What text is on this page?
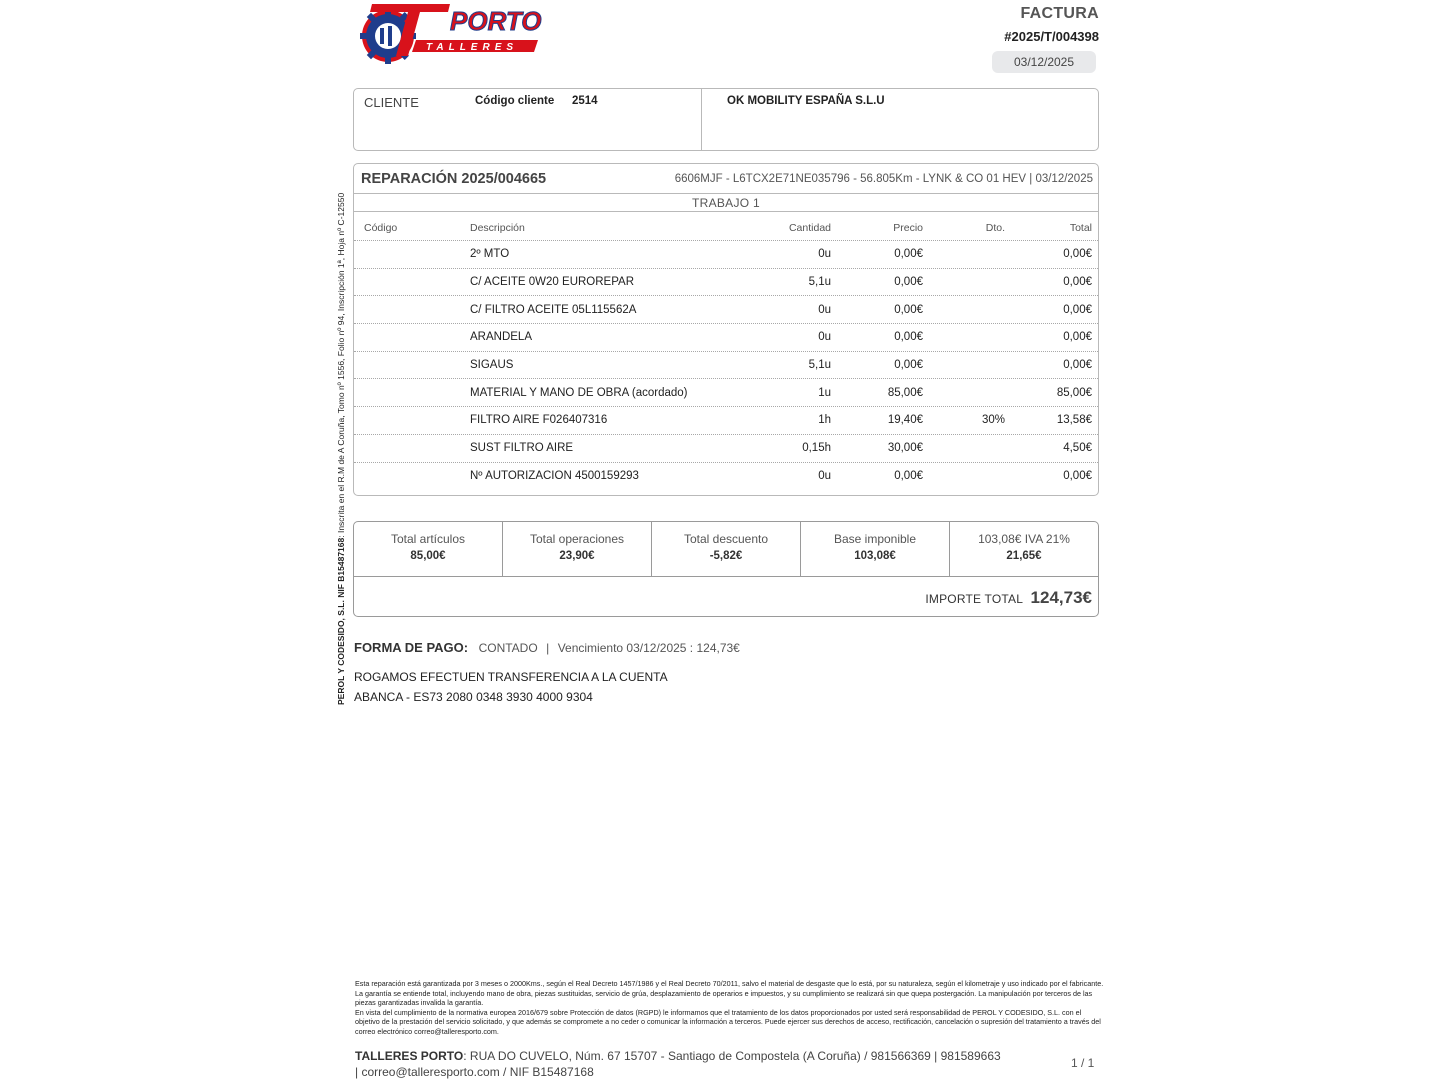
PORTO
TALLERES
FACTURA
#2025/T/004398
03/12/2025
CLIENTE	Código cliente 2514	OK MOBILITY ESPAÑA S.L.U
PEROL Y CODESIDO, S.L. NIF B15487168: Inscrita en el R.M de A Coruña, Tomo nº 1556, Folio nº 94, Inscripción 1ª, Hoja nº C-12550
REPARACIÓN 2025/004665	6606MJF - L6TCX2E71NE035796 - 56.805Km - LYNK & CO 01 HEV | 03/12/2025
TRABAJO 1
Código	Descripción	Cantidad	Precio	Dto.	Total
2º MTO	0u	0,00€	0,00€
C/ ACEITE 0W20 EUROREPAR	5,1u	0,00€	0,00€
C/ FILTRO ACEITE 05L115562A	0u	0,00€	0,00€
ARANDELA	0u	0,00€	0,00€
SIGAUS	5,1u	0,00€	0,00€
MATERIAL Y MANO DE OBRA (acordado)	1u	85,00€	85,00€
FILTRO AIRE F026407316	1h	19,40€	30%	13,58€
SUST FILTRO AIRE	0,15h	30,00€	4,50€
Nº AUTORIZACION 4500159293	0u	0,00€	0,00€
Total artículos
85,00€
Total operaciones
23,90€
Total descuento
-5,82€
Base imponible
103,08€
103,08€ IVA 21%
21,65€
IMPORTE TOTAL 124,73€
FORMA DE PAGO: CONTADO | Vencimiento 03/12/2025 : 124,73€
ROGAMOS EFECTUEN TRANSFERENCIA A LA CUENTA
ABANCA - ES73 2080 0348 3930 4000 9304
Esta reparación está garantizada por 3 meses o 2000Kms., según el Real Decreto 1457/1986 y el Real Decreto 70/2011, salvo el material de desgaste que lo está, por su naturaleza, según el kilometraje y uso indicado por el fabricante. La garantía se entiende total, incluyendo mano de obra, piezas sustituidas, servicio de grúa, desplazamiento de operarios e impuestos, y su cumplimiento se realizará sin que quepa postergación. La manipulación por terceros de las piezas garantizadas invalida la garantía.
En vista del cumplimiento de la normativa europea 2016/679 sobre Protección de datos (RGPD) le informamos que el tratamiento de los datos proporcionados por usted será responsabilidad de PEROL Y CODESIDO, S.L. con el objetivo de la prestación del servicio solicitado, y que además se compromete a no ceder o comunicar la información a terceros. Puede ejercer sus derechos de acceso, rectificación, cancelación o supresión del tratamiento a través del correo electrónico correo@talleresporto.com.
TALLERES PORTO: RUA DO CUVELO, Núm. 67 15707 - Santiago de Compostela (A Coruña) / 981566369 | 981589663
| correo@talleresporto.com / NIF B15487168
1 / 1
